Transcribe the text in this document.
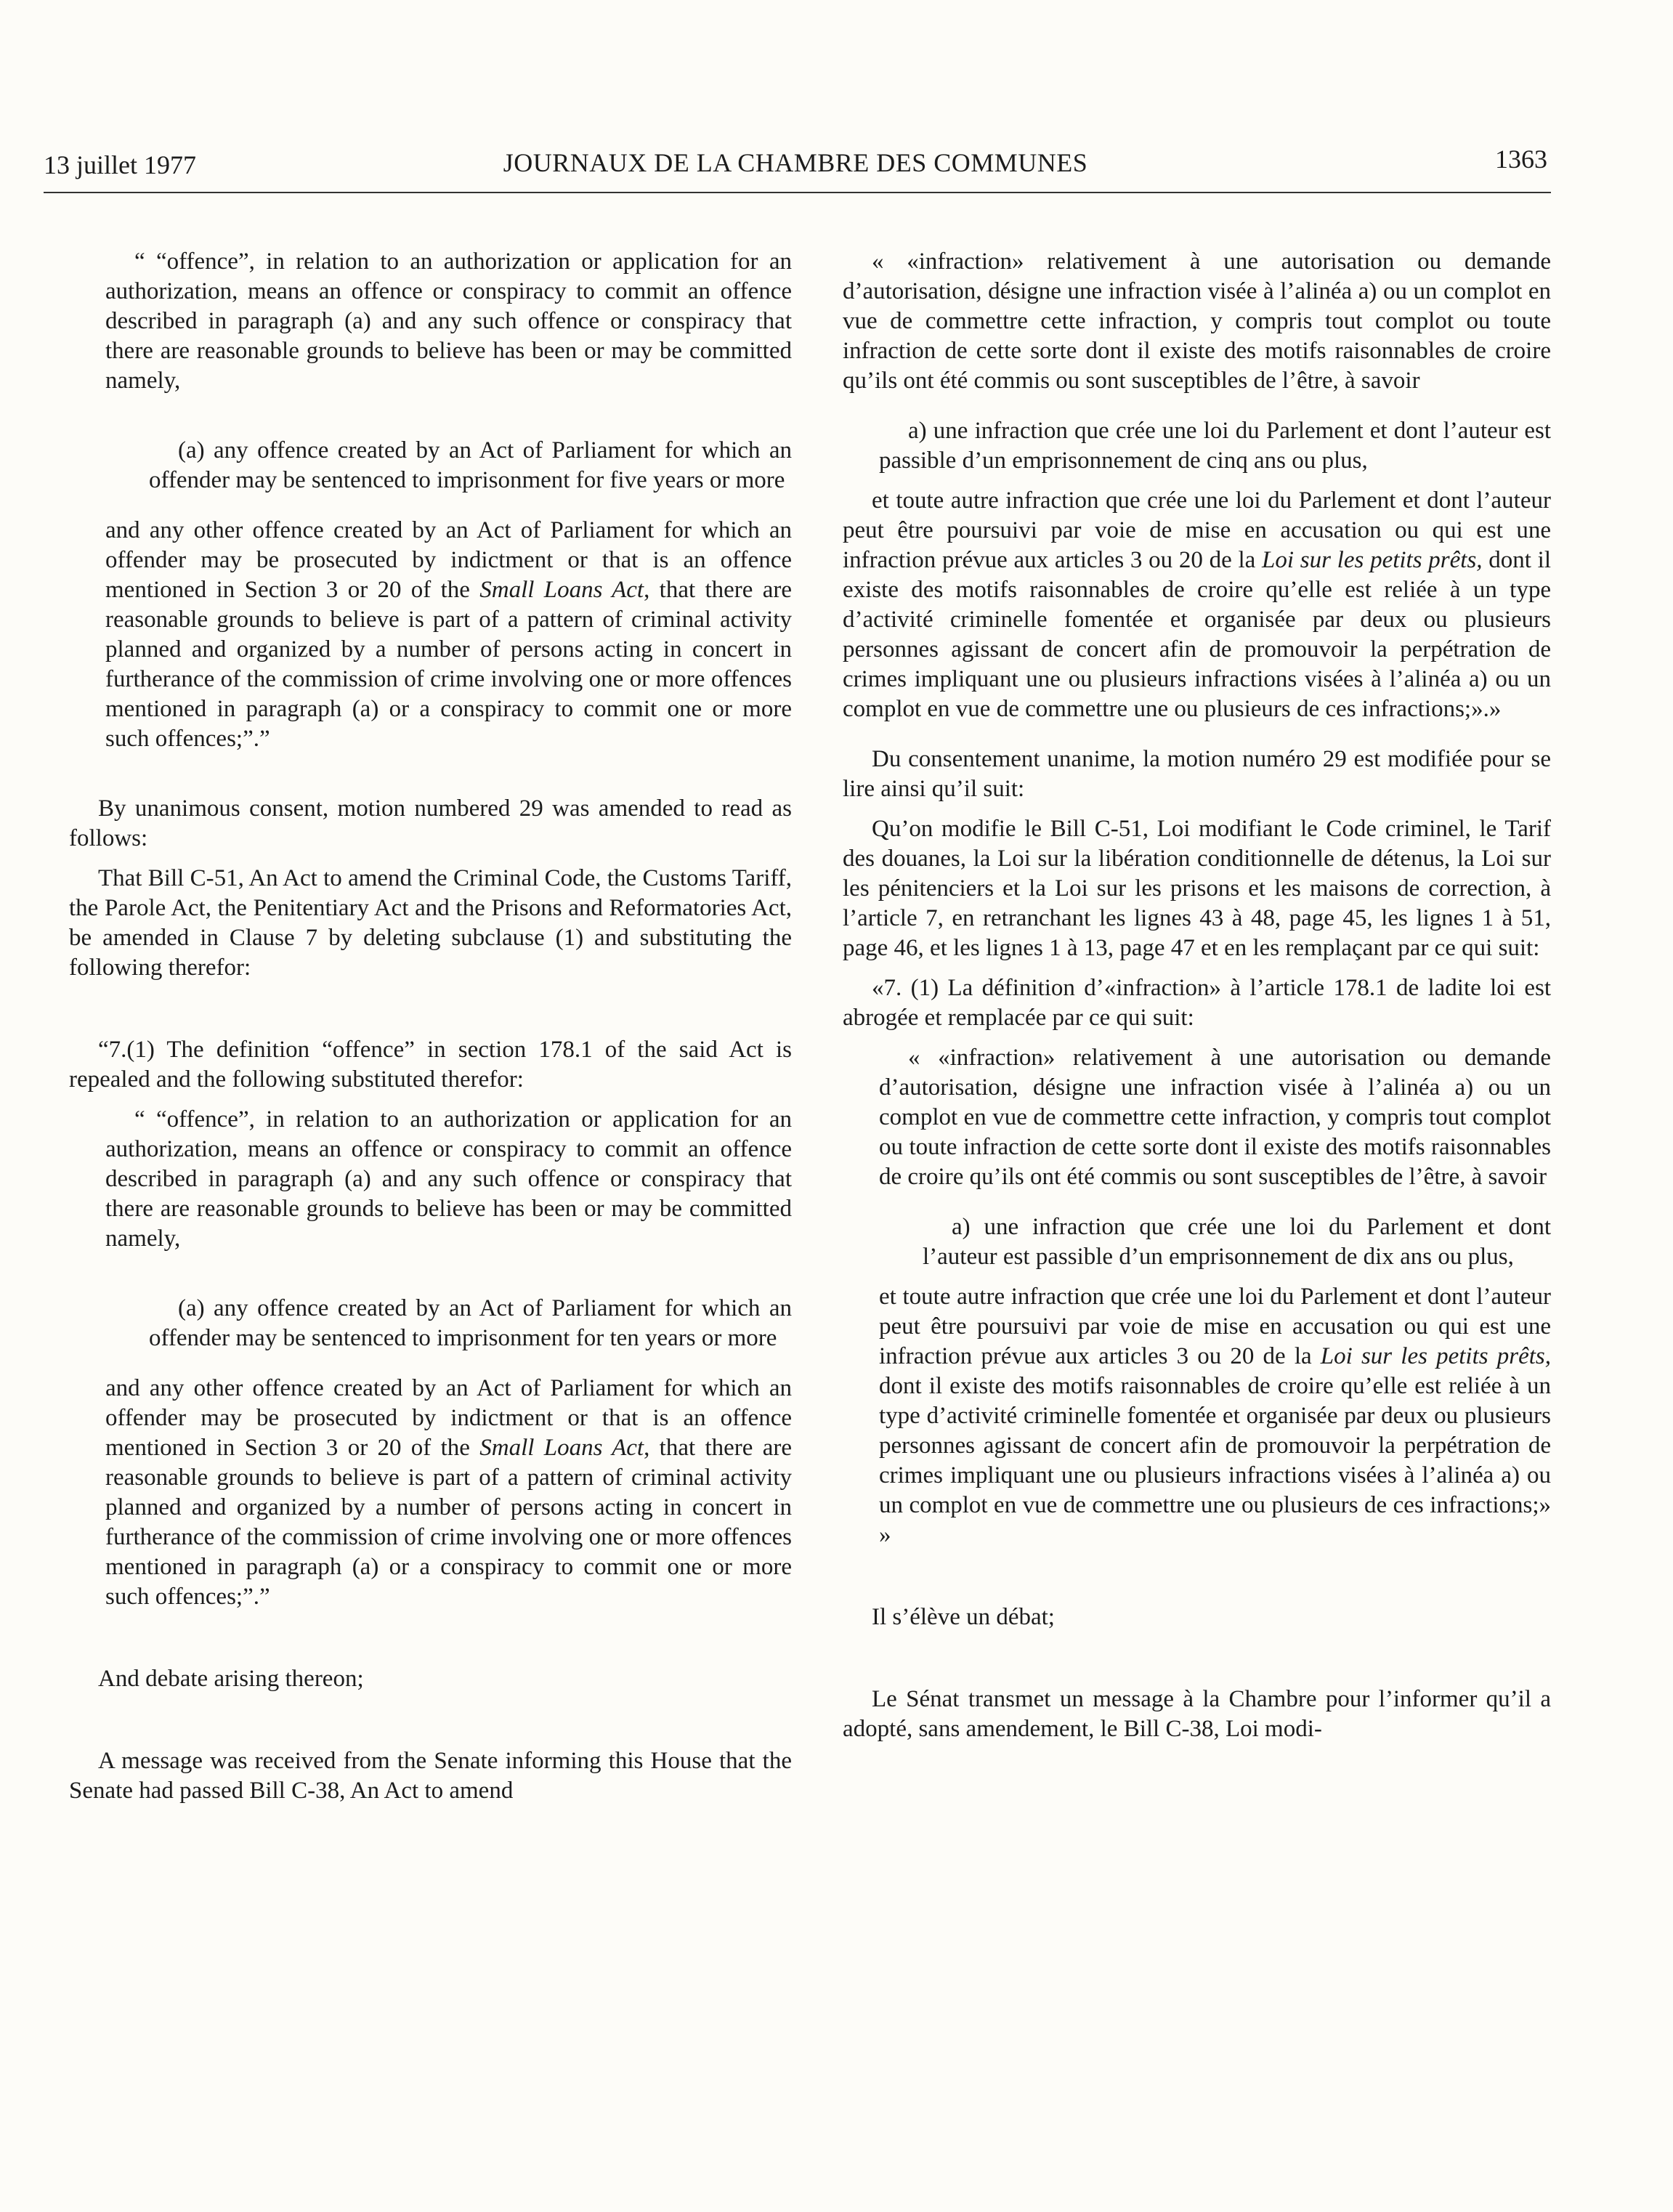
13 juillet 1977	JOURNAUX DE LA CHAMBRE DES COMMUNES	1363

“ “offence”, in relation to an authorization or application for an authorization, means an offence or conspiracy to commit an offence described in paragraph (a) and any such offence or conspiracy that there are reasonable grounds to believe has been or may be committed namely,

(a) any offence created by an Act of Parliament for which an offender may be sentenced to imprisonment for five years or more

and any other offence created by an Act of Parliament for which an offender may be prosecuted by indictment or that is an offence mentioned in Section 3 or 20 of the Small Loans Act, that there are reasonable grounds to believe is part of a pattern of criminal activity planned and organized by a number of persons acting in concert in furtherance of the commission of crime involving one or more offences mentioned in paragraph (a) or a conspiracy to commit one or more such offences;”.”

By unanimous consent, motion numbered 29 was amended to read as follows:

That Bill C-51, An Act to amend the Criminal Code, the Customs Tariff, the Parole Act, the Penitentiary Act and the Prisons and Reformatories Act, be amended in Clause 7 by deleting subclause (1) and substituting the following therefor:

“7.(1) The definition “offence” in section 178.1 of the said Act is repealed and the following substituted therefor:

“ “offence”, in relation to an authorization or application for an authorization, means an offence or conspiracy to commit an offence described in paragraph (a) and any such offence or conspiracy that there are reasonable grounds to believe has been or may be committed namely,

(a) any offence created by an Act of Parliament for which an offender may be sentenced to imprisonment for ten years or more

and any other offence created by an Act of Parliament for which an offender may be prosecuted by indictment or that is an offence mentioned in Section 3 or 20 of the Small Loans Act, that there are reasonable grounds to believe is part of a pattern of criminal activity planned and organized by a number of persons acting in concert in furtherance of the commission of crime involving one or more offences mentioned in paragraph (a) or a conspiracy to commit one or more such offences;”.”

And debate arising thereon;

A message was received from the Senate informing this House that the Senate had passed Bill C-38, An Act to amend

« «infraction» relativement à une autorisation ou demande d’autorisation, désigne une infraction visée à l’alinéa a) ou un complot en vue de commettre cette infraction, y compris tout complot ou toute infraction de cette sorte dont il existe des motifs raisonnables de croire qu’ils ont été commis ou sont susceptibles de l’être, à savoir

a) une infraction que crée une loi du Parlement et dont l’auteur est passible d’un emprisonnement de cinq ans ou plus,

et toute autre infraction que crée une loi du Parlement et dont l’auteur peut être poursuivi par voie de mise en accusation ou qui est une infraction prévue aux articles 3 ou 20 de la Loi sur les petits prêts, dont il existe des motifs raisonnables de croire qu’elle est reliée à un type d’activité criminelle fomentée et organisée par deux ou plusieurs personnes agissant de concert afin de promouvoir la perpétration de crimes impliquant une ou plusieurs infractions visées à l’alinéa a) ou un complot en vue de commettre une ou plusieurs de ces infractions;».»

Du consentement unanime, la motion numéro 29 est modifiée pour se lire ainsi qu’il suit:

Qu’on modifie le Bill C-51, Loi modifiant le Code criminel, le Tarif des douanes, la Loi sur la libération conditionnelle de détenus, la Loi sur les pénitenciers et la Loi sur les prisons et les maisons de correction, à l’article 7, en retranchant les lignes 43 à 48, page 45, les lignes 1 à 51, page 46, et les lignes 1 à 13, page 47 et en les remplaçant par ce qui suit:

«7. (1) La définition d’«infraction» à l’article 178.1 de ladite loi est abrogée et remplacée par ce qui suit:

« «infraction» relativement à une autorisation ou demande d’autorisation, désigne une infraction visée à l’alinéa a) ou un complot en vue de commettre cette infraction, y compris tout complot ou toute infraction de cette sorte dont il existe des motifs raisonnables de croire qu’ils ont été commis ou sont susceptibles de l’être, à savoir

a) une infraction que crée une loi du Parlement et dont l’auteur est passible d’un emprisonnement de dix ans ou plus,

et toute autre infraction que crée une loi du Parlement et dont l’auteur peut être poursuivi par voie de mise en accusation ou qui est une infraction prévue aux articles 3 ou 20 de la Loi sur les petits prêts, dont il existe des motifs raisonnables de croire qu’elle est reliée à un type d’activité criminelle fomentée et organisée par deux ou plusieurs personnes agissant de concert afin de promouvoir la perpétration de crimes impliquant une ou plusieurs infractions visées à l’alinéa a) ou un complot en vue de commettre une ou plusieurs de ces infractions;» »

Il s’élève un débat;

Le Sénat transmet un message à la Chambre pour l’informer qu’il a adopté, sans amendement, le Bill C-38, Loi modi-
